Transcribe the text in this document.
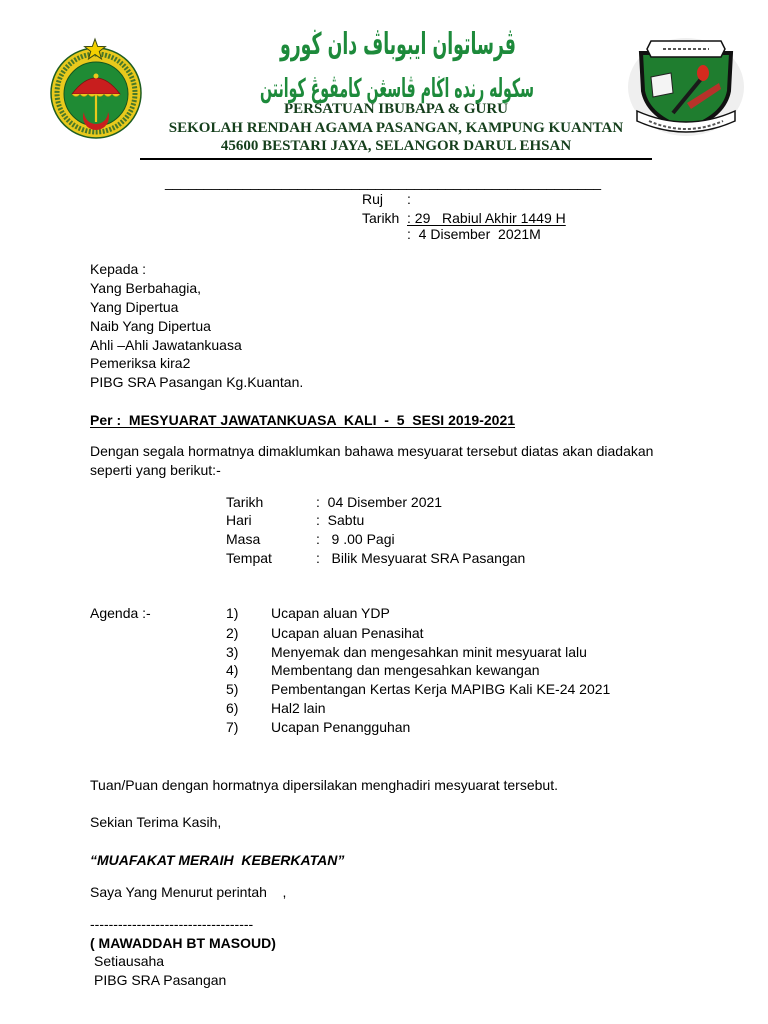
ڤرساتوان ايبوباڤ دان ڬورو
سکوله رنده اڬام ڤاسڠن کامڤوڠ کوانتن
PERSATUAN IBUBAPA & GURU
SEKOLAH RENDAH AGAMA PASANGAN, KAMPUNG KUANTAN
45600 BESTARI JAYA, SELANGOR DARUL EHSAN
________________________________________________________
Ruj :
Tarikh : 29   Rabiul Akhir 1449 H
:  4 Disember  2021M
Kepada :
Yang Berbahagia,
Yang Dipertua
Naib Yang Dipertua
Ahli –Ahli Jawatankuasa
Pemeriksa kira2
PIBG SRA Pasangan Kg.Kuantan.
Per :  MESYUARAT JAWATANKUASA  KALI  -  5  SESI 2019-2021
Dengan segala hormatnya dimaklumkan bahawa mesyuarat tersebut diatas akan diadakan
seperti yang berikut:-
Tarikh	:  04 Disember 2021
Hari	:  Sabtu
Masa	:   9 .00 Pagi
Tempat	:   Bilik Mesyuarat SRA Pasangan
Agenda :-	1) Ucapan aluan YDP
2) Ucapan aluan Penasihat
3) Menyemak dan mengesahkan minit mesyuarat lalu
4) Membentang dan mengesahkan kewangan
5) Pembentangan Kertas Kerja MAPIBG Kali KE-24 2021
6) Hal2 lain
7) Ucapan Penangguhan
Tuan/Puan dengan hormatnya dipersilakan menghadiri mesyuarat tersebut.
Sekian Terima Kasih,
“MUAFAKAT MERAIH  KEBERKATAN”
Saya Yang Menurut perintah    ,
-----------------------------------
( MAWADDAH BT MASOUD)
Setiausaha
PIBG SRA Pasangan
